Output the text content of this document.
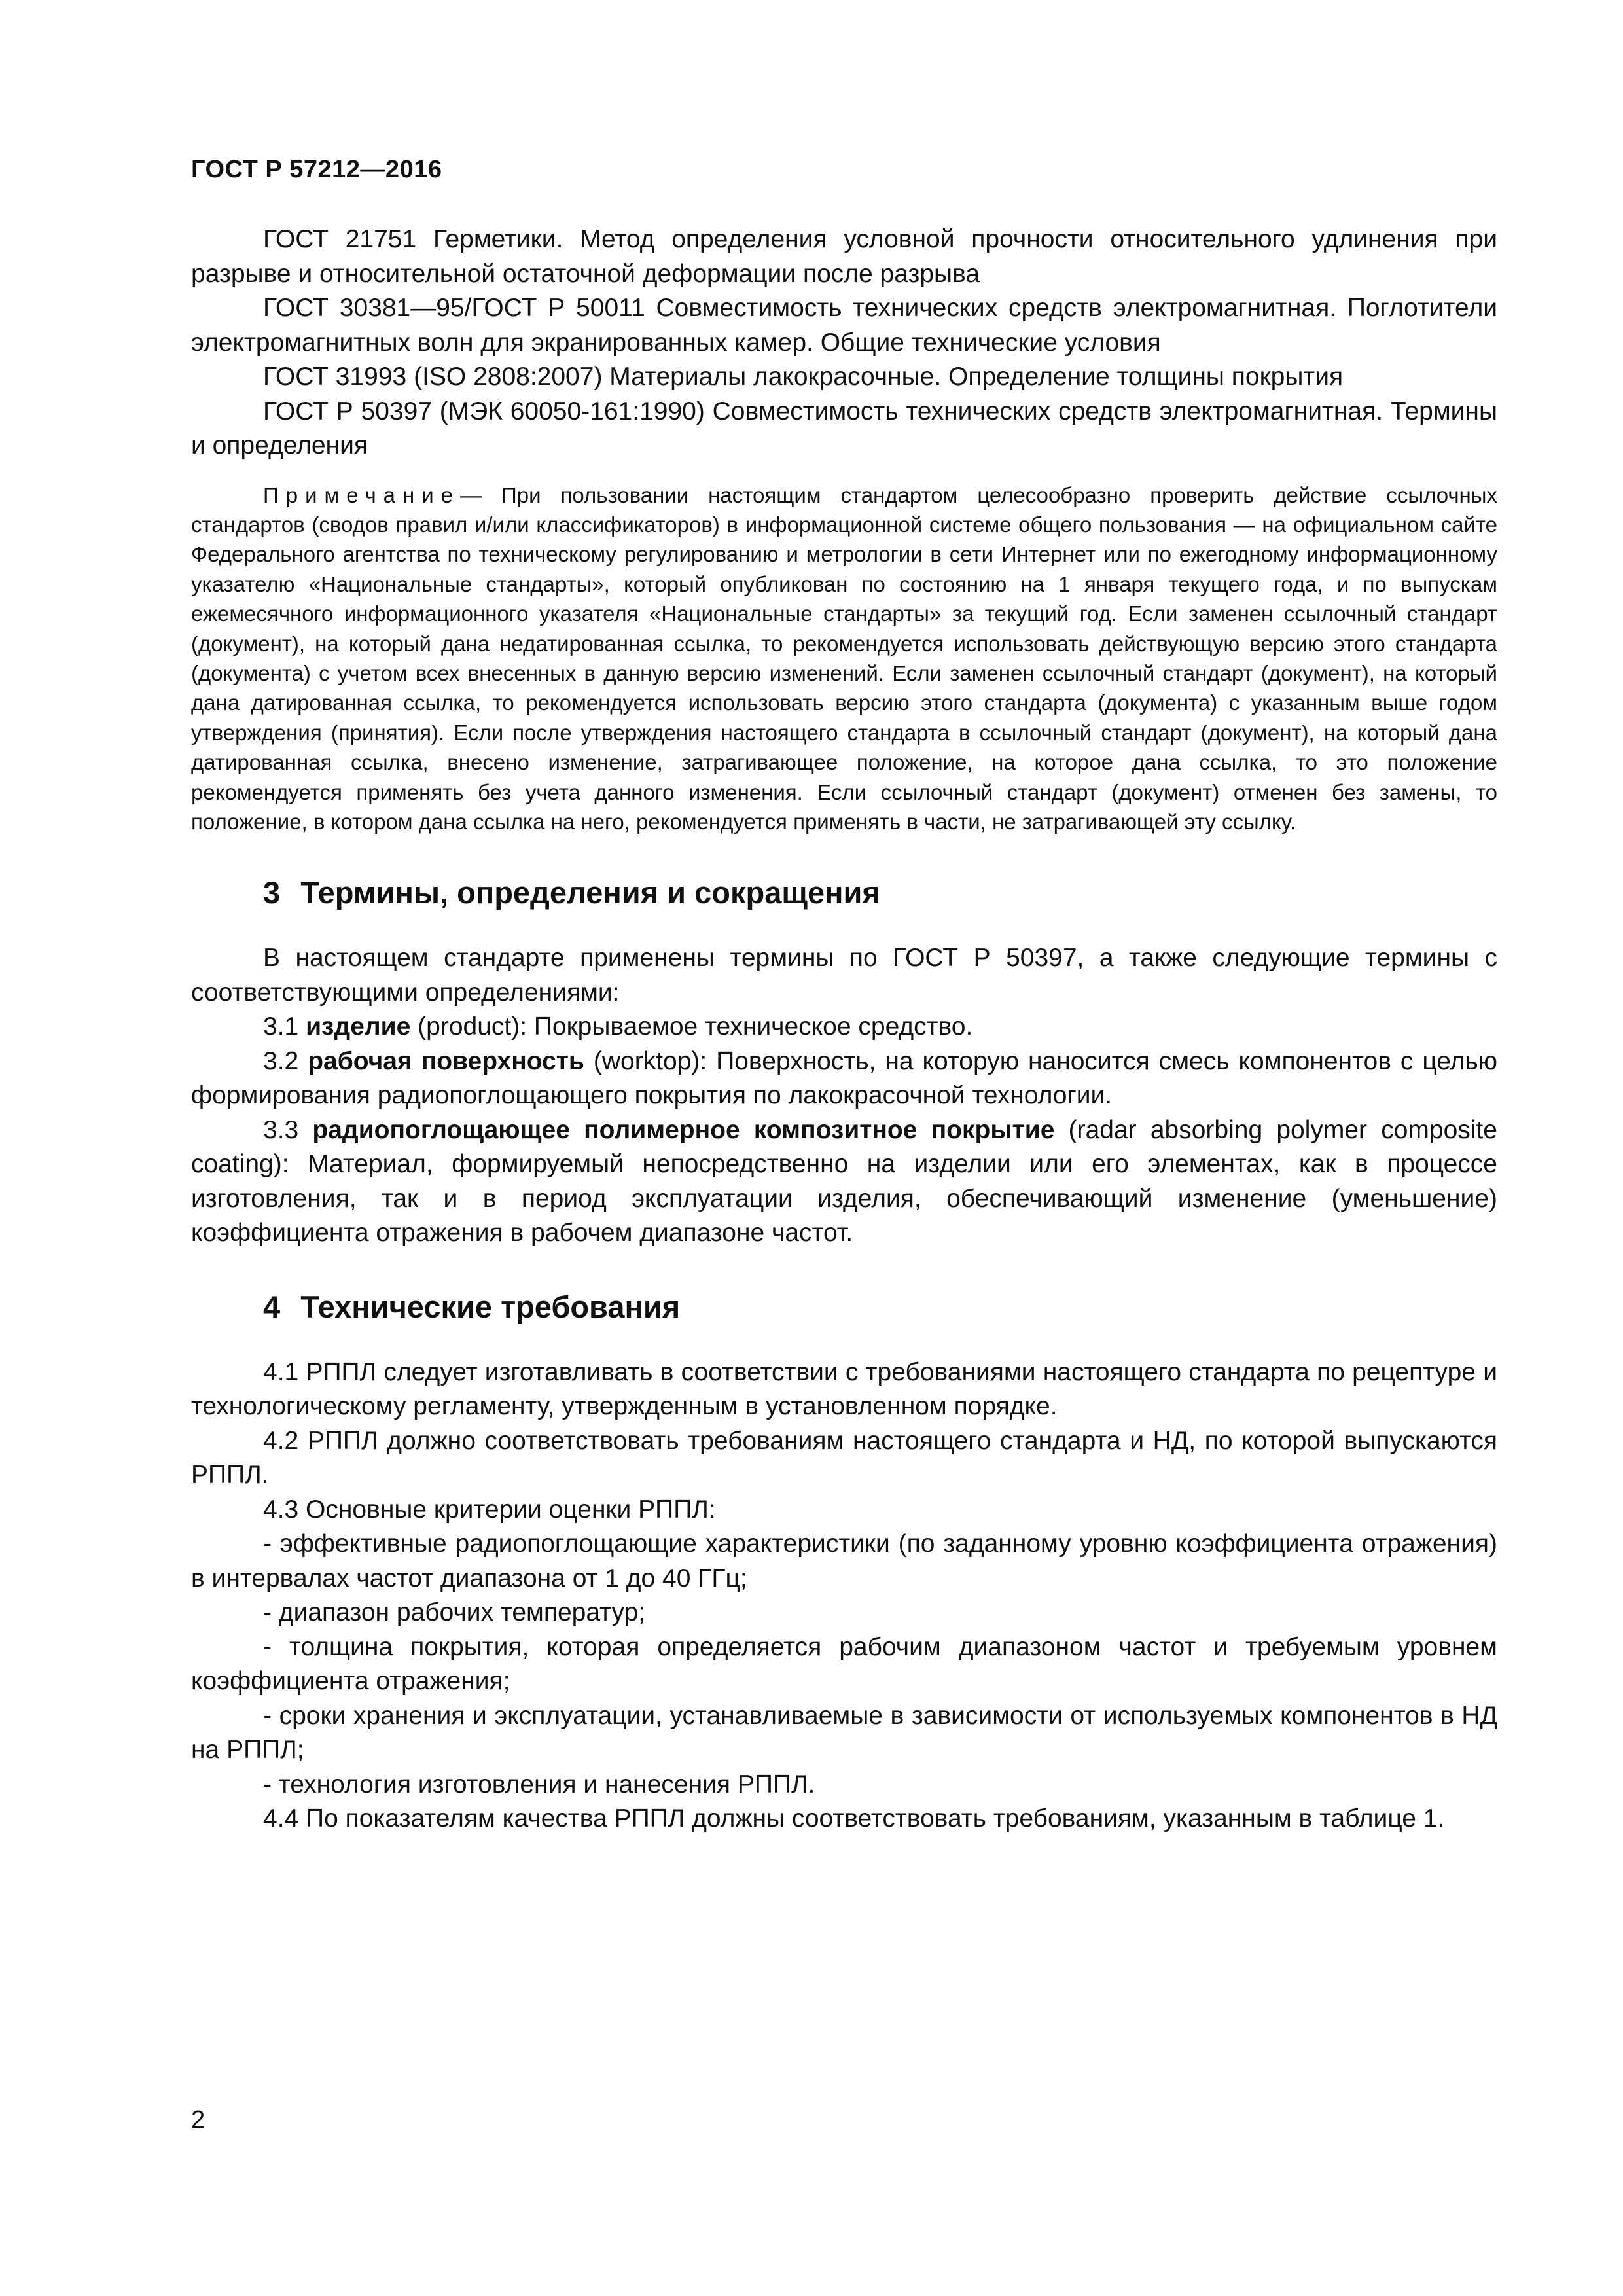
ГОСТ Р 57212—2016

ГОСТ 21751 Герметики. Метод определения условной прочности относительного удлинения при разрыве и относительной остаточной деформации после разрыва

ГОСТ 30381—95/ГОСТ Р 50011 Совместимость технических средств электромагнитная. Поглотители электромагнитных волн для экранированных камер. Общие технические условия

ГОСТ 31993 (ISO 2808:2007) Материалы лакокрасочные. Определение толщины покрытия

ГОСТ Р 50397 (МЭК 60050-161:1990) Совместимость технических средств электромагнитная. Термины и определения

Примечание— При пользовании настоящим стандартом целесообразно проверить действие ссылочных стандартов (сводов правил и/или классификаторов) в информационной системе общего пользования — на официальном сайте Федерального агентства по техническому регулированию и метрологии в сети Интернет или по ежегодному информационному указателю «Национальные стандарты», который опубликован по состоянию на 1 января текущего года, и по выпускам ежемесячного информационного указателя «Национальные стандарты» за текущий год. Если заменен ссылочный стандарт (документ), на который дана недатированная ссылка, то рекомендуется использовать действующую версию этого стандарта (документа) с учетом всех внесенных в данную версию изменений. Если заменен ссылочный стандарт (документ), на который дана датированная ссылка, то рекомендуется использовать версию этого стандарта (документа) с указанным выше годом утверждения (принятия). Если после утверждения настоящего стандарта в ссылочный стандарт (документ), на который дана датированная ссылка, внесено изменение, затрагивающее положение, на которое дана ссылка, то это положение рекомендуется применять без учета данного изменения. Если ссылочный стандарт (документ) отменен без замены, то положение, в котором дана ссылка на него, рекомендуется применять в части, не затрагивающей эту ссылку.
3 Термины, определения и сокращения

В настоящем стандарте применены термины по ГОСТ Р 50397, а также следующие термины с соответствующими определениями:

3.1 изделие (product): Покрываемое техническое средство.

3.2 рабочая поверхность (worktop): Поверхность, на которую наносится смесь компонентов с целью формирования радиопоглощающего покрытия по лакокрасочной технологии.

3.3 радиопоглощающее полимерное композитное покрытие (radar absorbing polymer composite coating): Материал, формируемый непосредственно на изделии или его элементах, как в процессе изготовления, так и в период эксплуатации изделия, обеспечивающий изменение (уменьшение) коэффициента отражения в рабочем диапазоне частот.

4 Технические требования

4.1 РППЛ следует изготавливать в соответствии с требованиями настоящего стандарта по рецептуре и технологическому регламенту, утвержденным в установленном порядке.

4.2 РППЛ должно соответствовать требованиям настоящего стандарта и НД, по которой выпускаются РППЛ.

4.3 Основные критерии оценки РППЛ:

- эффективные радиопоглощающие характеристики (по заданному уровню коэффициента отражения) в интервалах частот диапазона от 1 до 40 ГГц;

- диапазон рабочих температур;

- толщина покрытия, которая определяется рабочим диапазоном частот и требуемым уровнем коэффициента отражения;

- сроки хранения и эксплуатации, устанавливаемые в зависимости от используемых компонентов в НД на РППЛ;

- технология изготовления и нанесения РППЛ.

4.4 По показателям качества РППЛ должны соответствовать требованиям, указанным в таблице 1.

2
